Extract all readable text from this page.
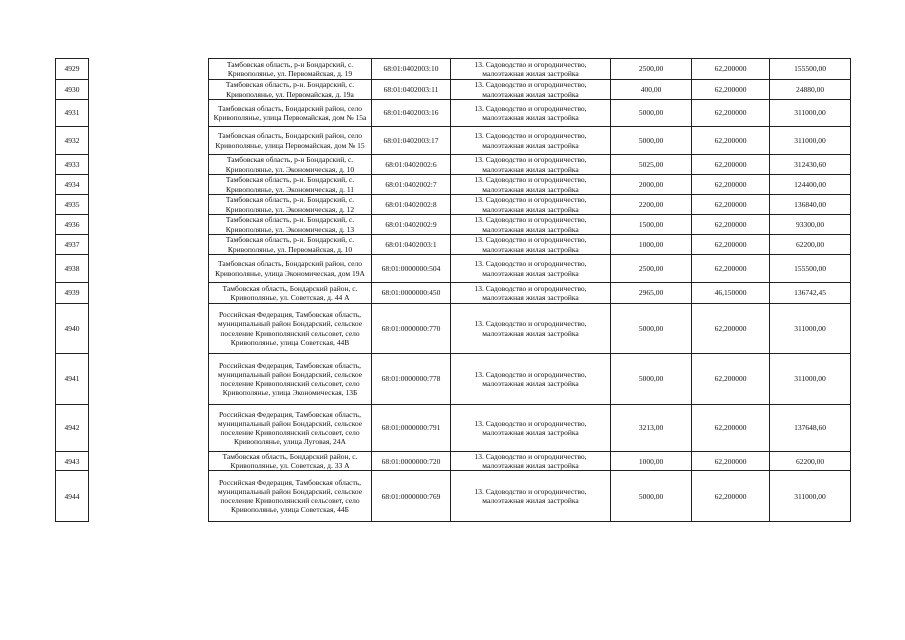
4929		Тамбовская область, р-н Бондарский, с. Кривополянье, ул. Первомайская, д. 19	68:01:0402003:10	13. Садоводство и огородничество, малоэтажная жилая застройка	2500,00	62,200000	155500,00
4930		Тамбовская область, р-н. Бондарский, с. Кривополянье, ул. Первомайская, д. 19а	68:01:0402003:11	13. Садоводство и огородничество, малоэтажная жилая застройка	400,00	62,200000	24880,00
4931		Тамбовская область, Бондарский район, село Кривополянье, улица Первомайская, дом № 15а	68:01:0402003:16	13. Садоводство и огородничество, малоэтажная жилая застройка	5000,00	62,200000	311000,00
4932		Тамбовская область, Бондарский район, село Кривополянье, улица Первомайская, дом № 15	68:01:0402003:17	13. Садоводство и огородничество, малоэтажная жилая застройка	5000,00	62,200000	311000,00
4933		Тамбовская область, р-н Бондарский, с. Кривополянье, ул. Экономическая, д. 10	68:01:0402002:6	13. Садоводство и огородничество, малоэтажная жилая застройка	5025,00	62,200000	312430,60
4934		Тамбовская область, р-н. Бондарский, с. Кривополянье, ул. Экономическая, д. 11	68:01:0402002:7	13. Садоводство и огородничество, малоэтажная жилая застройка	2000,00	62,200000	124400,00
4935		Тамбовская область, р-н. Бондарский, с. Кривополянье, ул. Экономическая, д. 12	68:01:0402002:8	13. Садоводство и огородничество, малоэтажная жилая застройка	2200,00	62,200000	136840,00
4936		Тамбовская область, р-н. Бондарский, с. Кривополянье, ул. Экономическая, д. 13	68:01:0402002:9	13. Садоводство и огородничество, малоэтажная жилая застройка	1500,00	62,200000	93300,00
4937		Тамбовская область, р-н. Бондарский, с. Кривополянье, ул. Первомайская, д. 10	68:01:0402003:1	13. Садоводство и огородничество, малоэтажная жилая застройка	1000,00	62,200000	62200,00
4938		Тамбовская область, Бондарский район, село Кривополянье, улица Экономическая, дом 19А	68:01:0000000:504	13. Садоводство и огородничество, малоэтажная жилая застройка	2500,00	62,200000	155500,00
4939		Тамбовская область, Бондарский район, с. Кривополянье, ул. Советская, д. 44 А	68:01:0000000:450	13. Садоводство и огородничество, малоэтажная жилая застройка	2965,00	46,150000	136742,45
4940		Российская Федерация, Тамбовская область, муниципальный район Бондарский, сельское поселение Кривополянский сельсовет, село Кривополянье, улица Советская, 44В	68:01:0000000:770	13. Садоводство и огородничество, малоэтажная жилая застройка	5000,00	62,200000	311000,00
4941		Российская Федерация, Тамбовская область, муниципальный район Бондарский, сельское поселение Кривополянский сельсовет, село Кривополянье, улица Экономическая, 13Б	68:01:0000000:778	13. Садоводство и огородничество, малоэтажная жилая застройка	5000,00	62,200000	311000,00
4942		Российская Федерация, Тамбовская область, муниципальный район Бондарский, сельское поселение Кривополянский сельсовет, село Кривополянье, улица Луговая, 24А	68:01:0000000:791	13. Садоводство и огородничество, малоэтажная жилая застройка	3213,00	62,200000	137648,60
4943		Тамбовская область, Бондарский район, с. Кривополянье, ул. Советская, д. 33 А	68:01:0000000:720	13. Садоводство и огородничество, малоэтажная жилая застройка	1000,00	62,200000	62200,00
4944		Российская Федерация, Тамбовская область, муниципальный район Бондарский, сельское поселение Кривополянский сельсовет, село Кривополянье, улица Советская, 44Б	68:01:0000000:769	13. Садоводство и огородничество, малоэтажная жилая застройка	5000,00	62,200000	311000,00
